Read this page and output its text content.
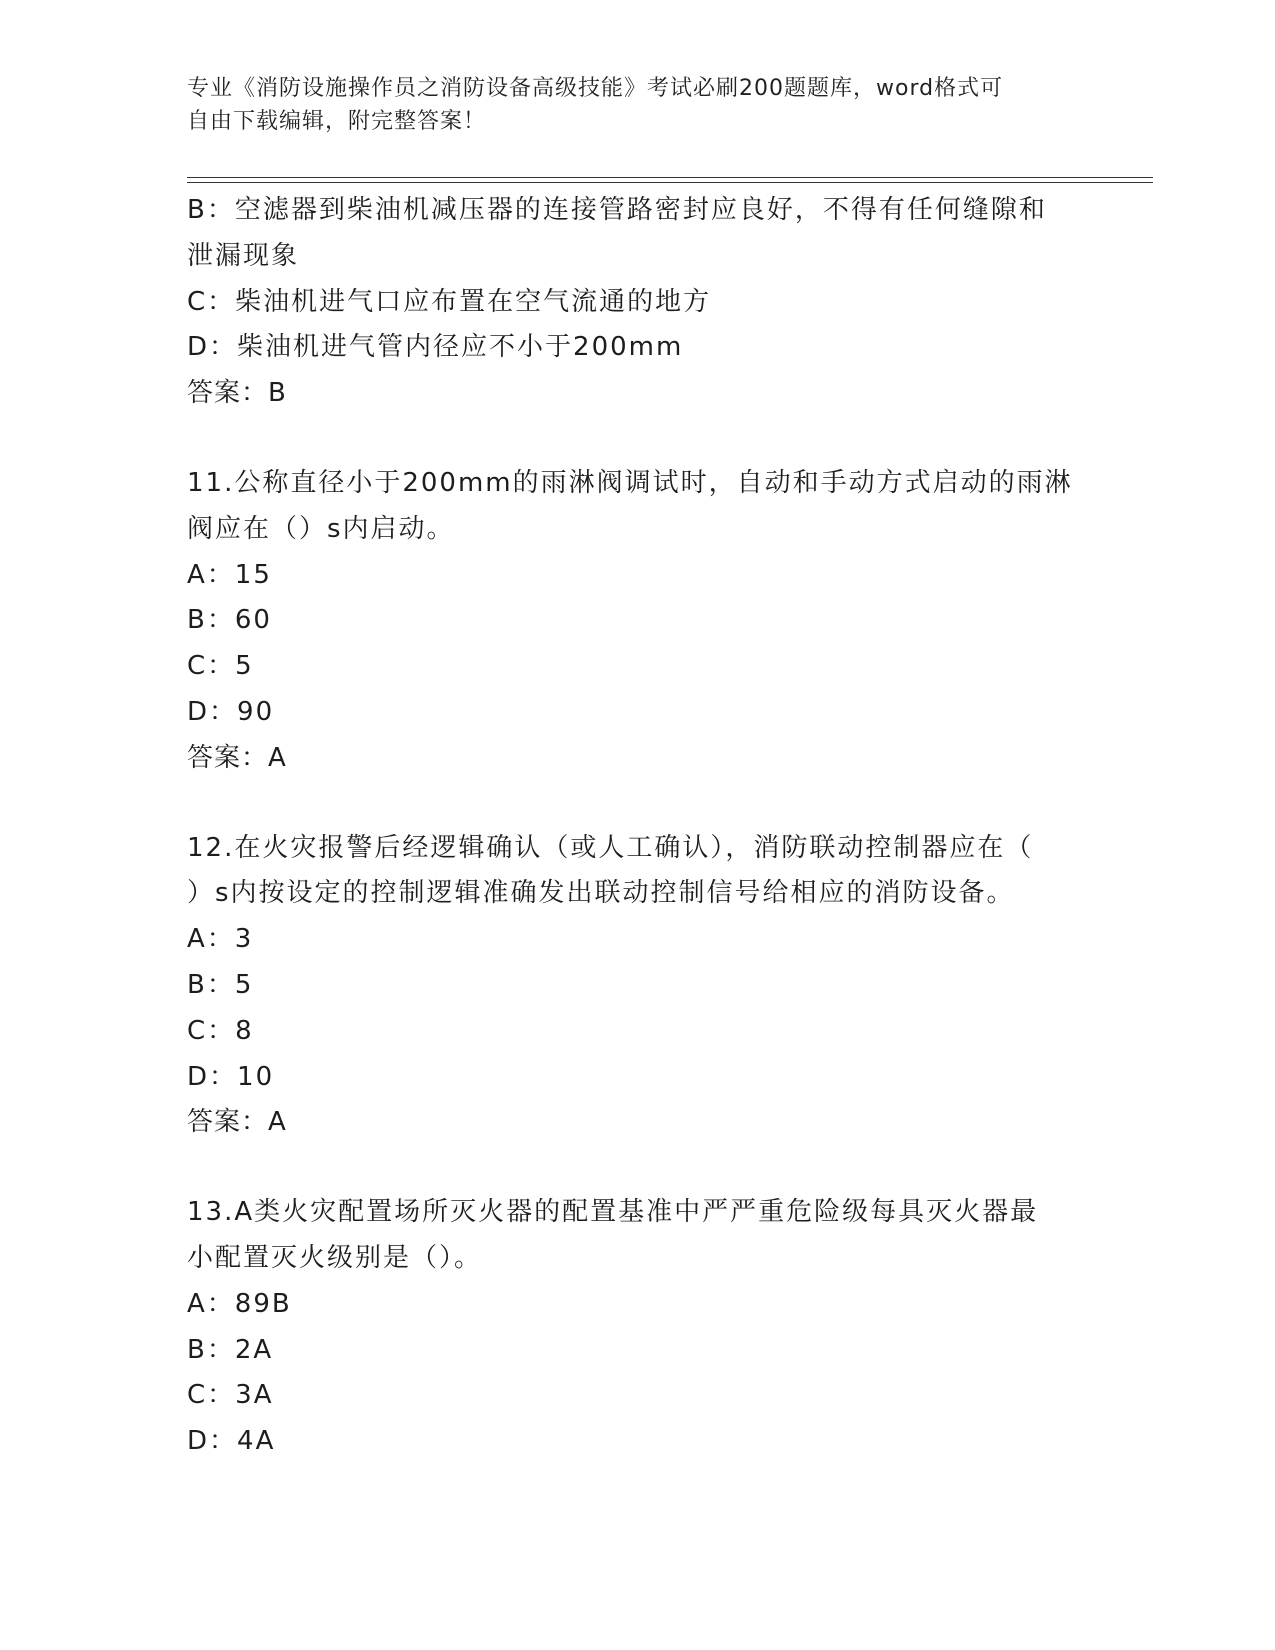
专业《消防设施操作员之消防设备高级技能》考试必刷200题题库，word格式可
自由下载编辑，附完整答案！
B：空滤器到柴油机减压器的连接管路密封应良好，不得有任何缝隙和
泄漏现象
C：柴油机进气口应布置在空气流通的地方
D：柴油机进气管内径应不小于200mm
答案：B
11.公称直径小于200mm的雨淋阀调试时，自动和手动方式启动的雨淋
阀应在（）s内启动。
A：15
B：60
C：5
D：90
答案：A
12.在火灾报警后经逻辑确认（或人工确认），消防联动控制器应在（
）s内按设定的控制逻辑准确发出联动控制信号给相应的消防设备。
A：3
B：5
C：8
D：10
答案：A
13.A类火灾配置场所灭火器的配置基准中严严重危险级每具灭火器最
小配置灭火级别是（）。
A：89B
B：2A
C：3A
D：4A
